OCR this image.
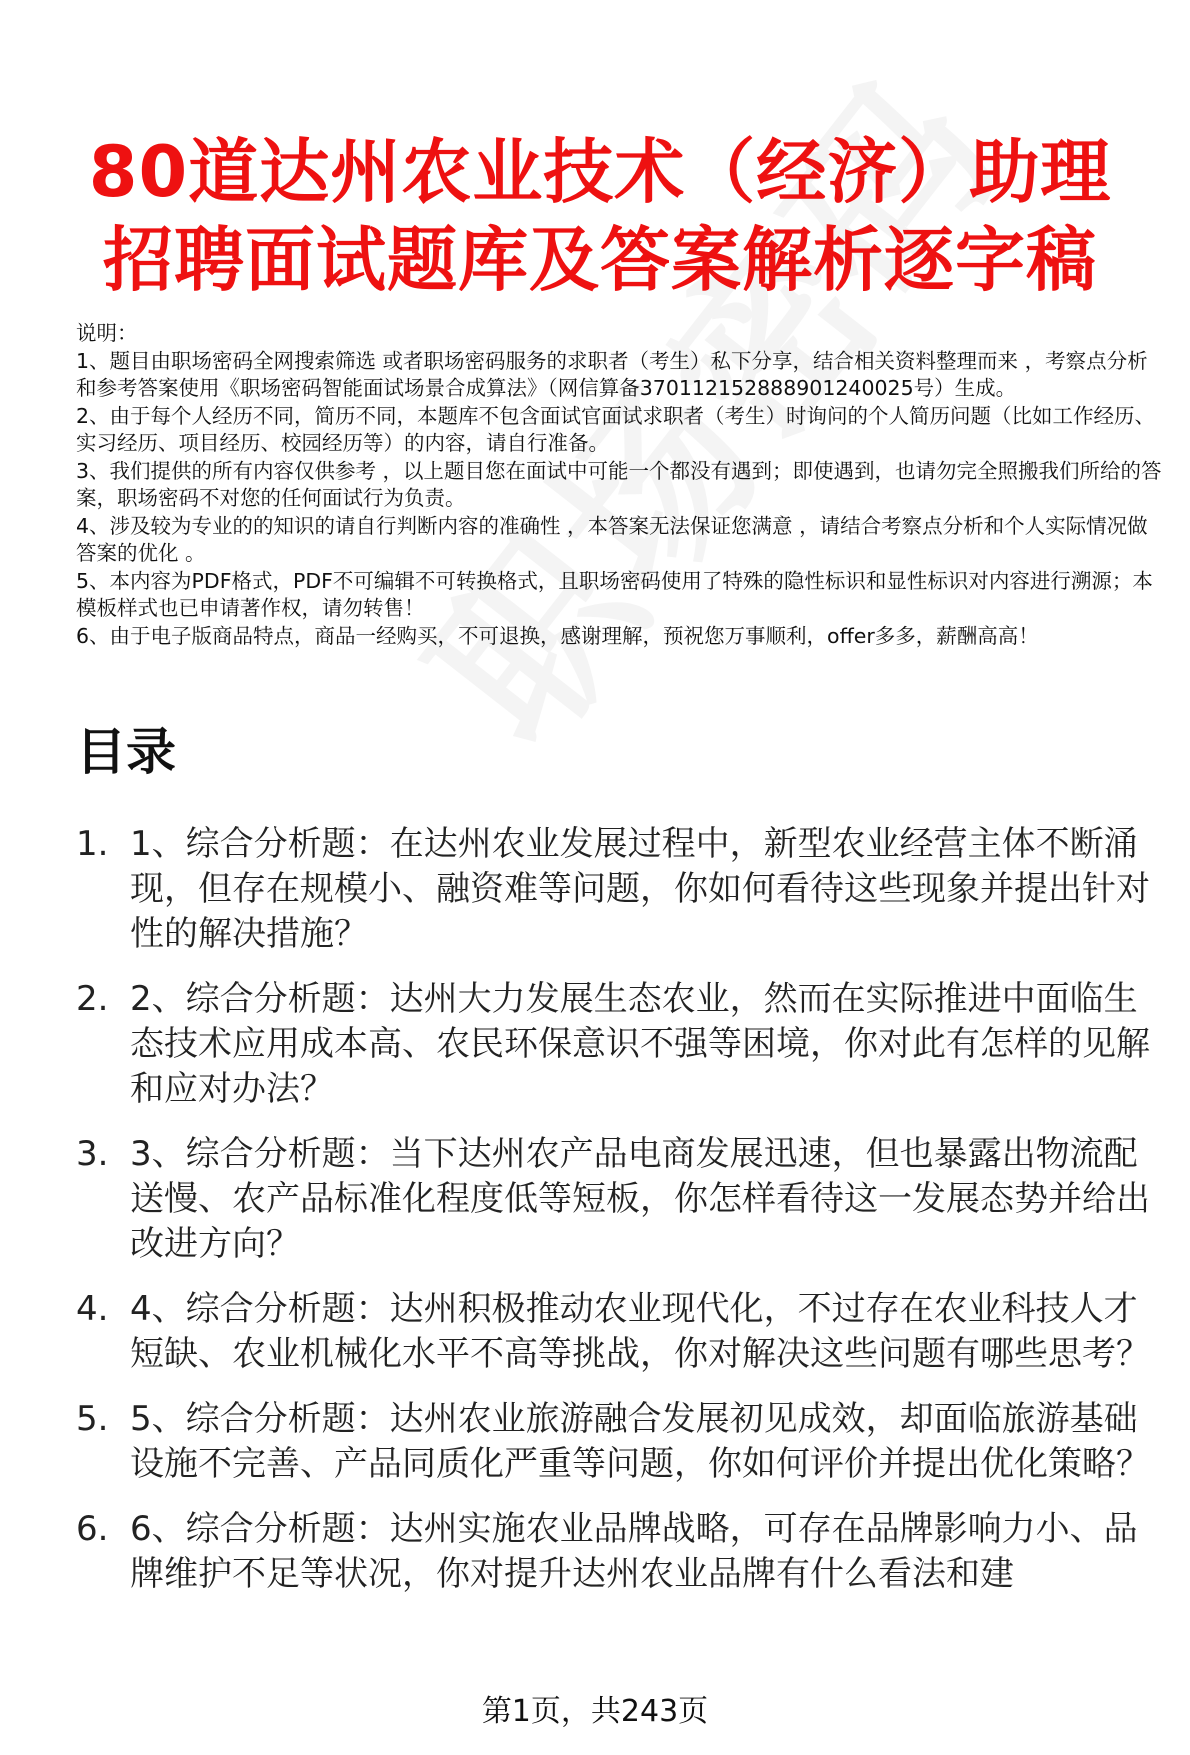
80道达州农业技术（经济）助理招聘面试题库及答案解析逐字稿

说明：

1、题目由职场密码全网搜索筛选 或者职场密码服务的求职者（考生）私下分享，结合相关资料整理而来 ，考察点分析和参考答案使用《职场密码智能面试场景合成算法》（网信算备370112152888901240025号）生成。

2、由于每个人经历不同，简历不同，本题库不包含面试官面试求职者（考生）时询问的个人简历问题（比如工作经历、实习经历、项目经历、校园经历等）的内容，请自行准备。

3、我们提供的所有内容仅供参考 ，以上题目您在面试中可能一个都没有遇到；即使遇到，也请勿完全照搬我们所给的答案，职场密码不对您的任何面试行为负责。

4、涉及较为专业的的知识的请自行判断内容的准确性 ，本答案无法保证您满意 ，请结合考察点分析和个人实际情况做答案的优化 。

5、本内容为PDF格式，PDF不可编辑不可转换格式，且职场密码使用了特殊的隐性标识和显性标识对内容进行溯源；本模板样式也已申请著作权，请勿转售！

6、由于电子版商品特点，商品一经购买，不可退换，感谢理解，预祝您万事顺利，offer多多，薪酬高高！

目录
1. 1、综合分析题：在达州农业发展过程中，新型农业经营主体不断涌现，但存在规模小、融资难等问题，你如何看待这些现象并提出针对性的解决措施？
2. 2、综合分析题：达州大力发展生态农业，然而在实际推进中面临生态技术应用成本高、农民环保意识不强等困境，你对此有怎样的见解和应对办法？
3. 3、综合分析题：当下达州农产品电商发展迅速，但也暴露出物流配送慢、农产品标准化程度低等短板，你怎样看待这一发展态势并给出改进方向？
4. 4、综合分析题：达州积极推动农业现代化，不过存在农业科技人才短缺、农业机械化水平不高等挑战，你对解决这些问题有哪些思考？
5. 5、综合分析题：达州农业旅游融合发展初见成效，却面临旅游基础设施不完善、产品同质化严重等问题，你如何评价并提出优化策略？
6. 6、综合分析题：达州实施农业品牌战略，可存在品牌影响力小、品牌维护不足等状况，你对提升达州农业品牌有什么看法和建
第1页，共243页
